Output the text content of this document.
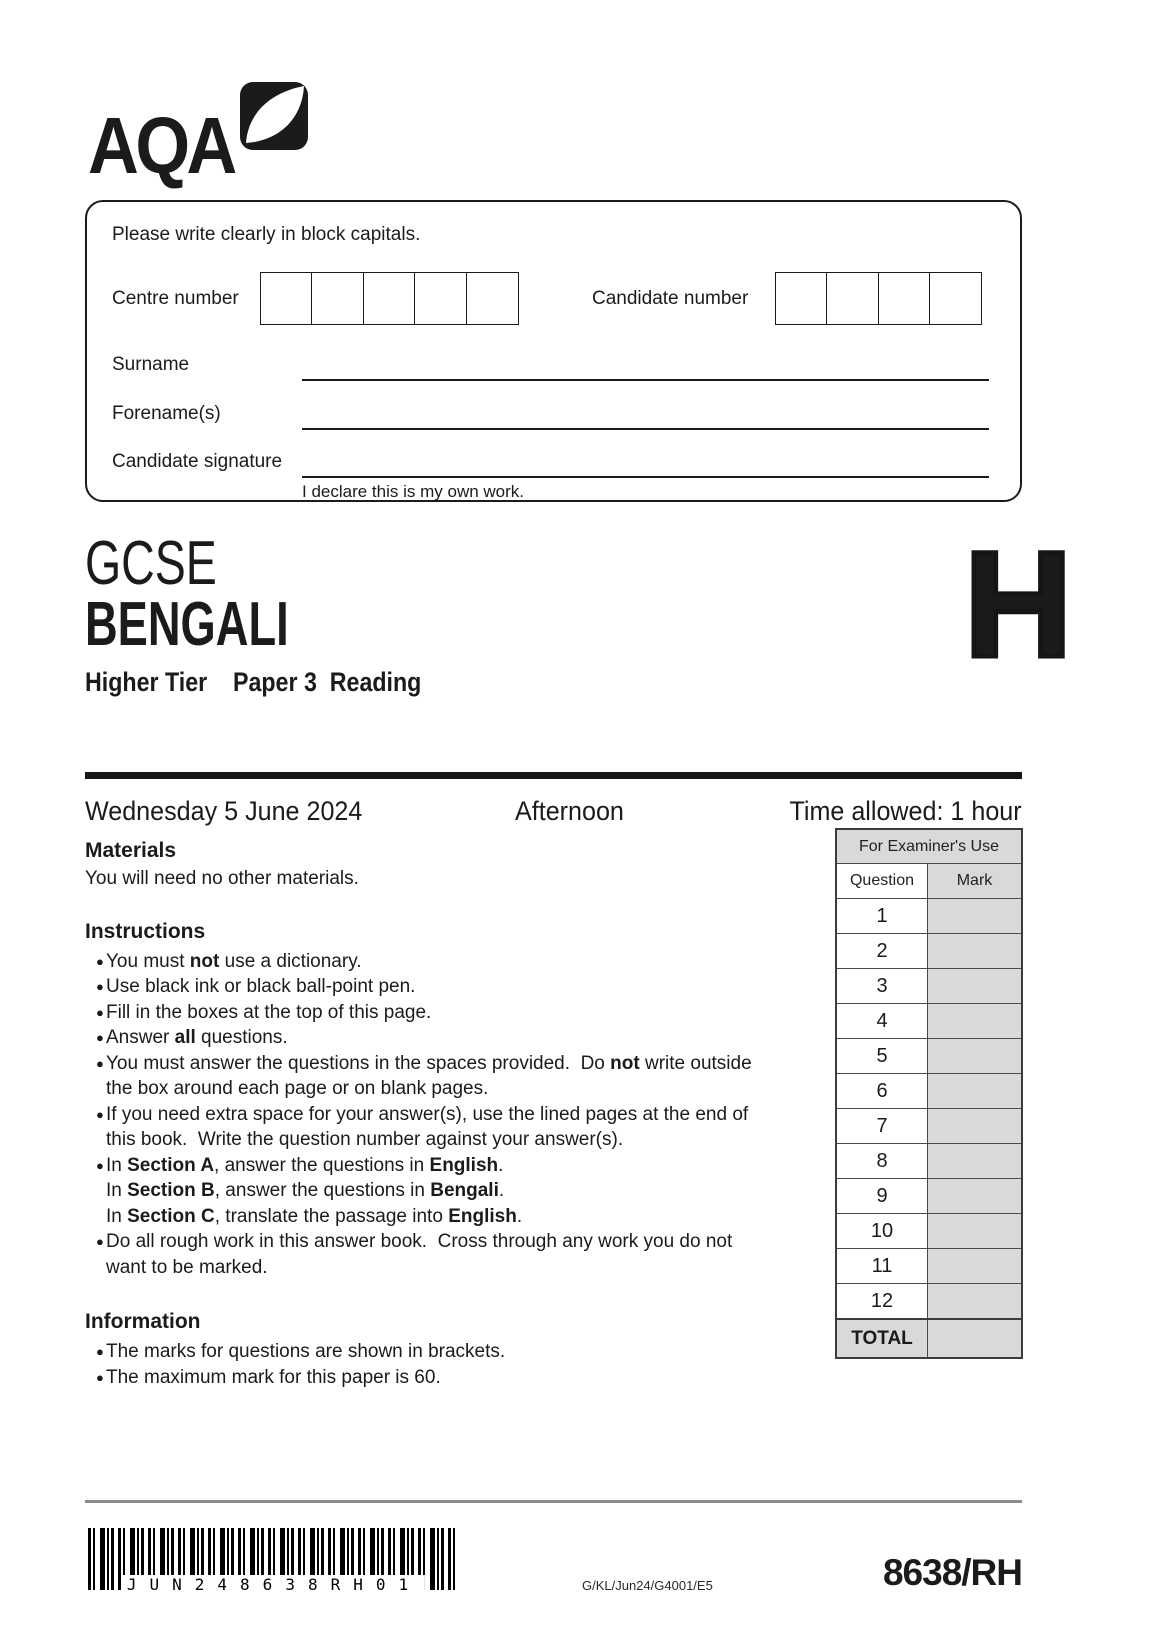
AQA
Please write clearly in block capitals.
Centre number	Candidate number
Surname
Forename(s)
Candidate signature
I declare this is my own work.
GCSE
BENGALI
Higher Tier    Paper 3  Reading	H
Wednesday 5 June 2024	Afternoon	Time allowed: 1 hour
Materials
You will need no other materials.
Instructions
● You must not use a dictionary.
● Use black ink or black ball-point pen.
● Fill in the boxes at the top of this page.
● Answer all questions.
● You must answer the questions in the spaces provided.  Do not write outside
the box around each page or on blank pages.
● If you need extra space for your answer(s), use the lined pages at the end of
this book.  Write the question number against your answer(s).
● In Section A, answer the questions in English.
In Section B, answer the questions in Bengali.
In Section C, translate the passage into English.
● Do all rough work in this answer book.  Cross through any work you do not
want to be marked.
Information
● The marks for questions are shown in brackets.
● The maximum mark for this paper is 60.
For Examiner's Use
Question	Mark
1
2
3
4
5
6
7
8
9
10
11
12
TOTAL
JUN248638RH01	G/KL/Jun24/G4001/E5	8638/RH
